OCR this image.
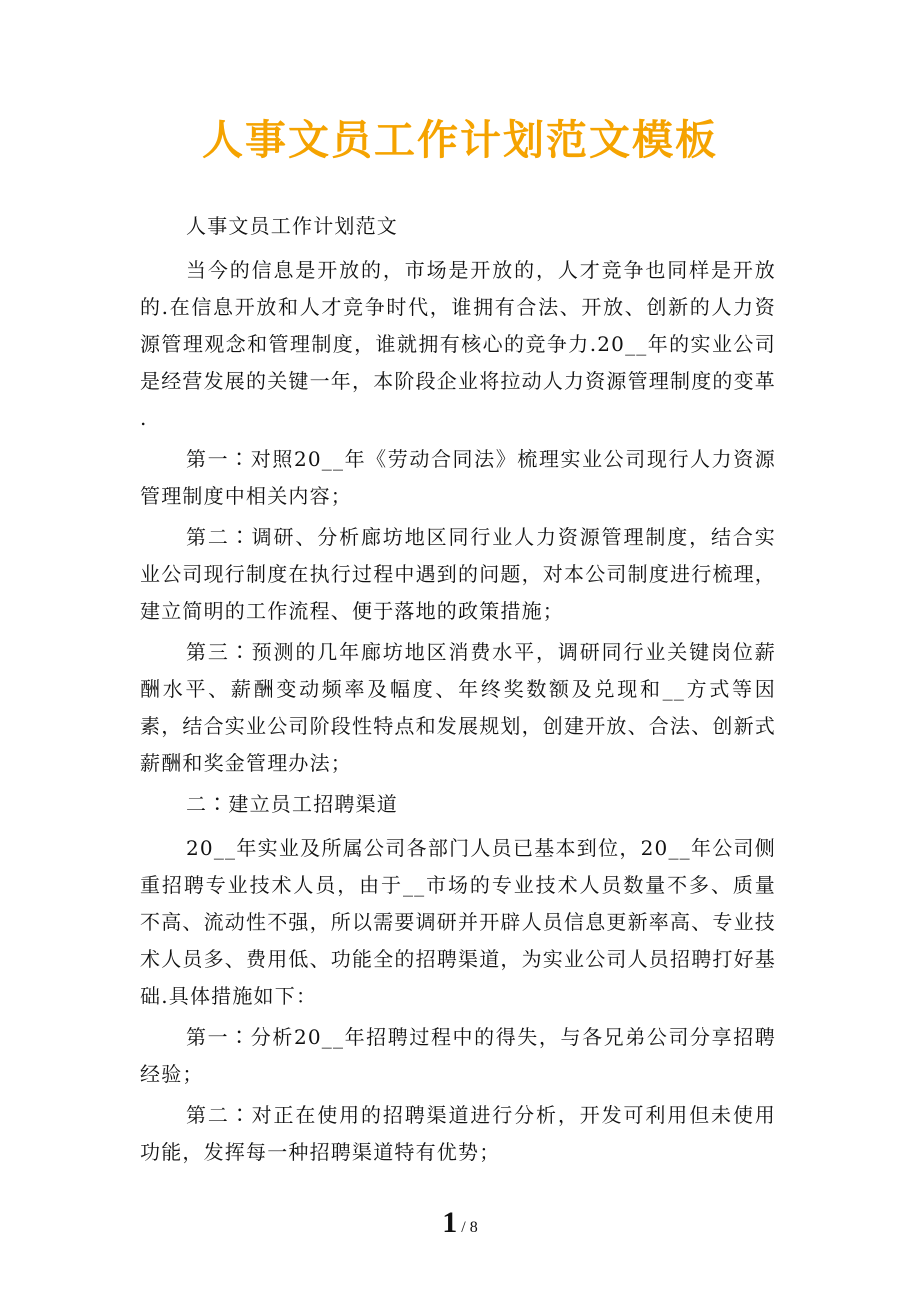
人事文员工作计划范文模板

人事文员工作计划范文

当今的信息是开放的，市场是开放的，人才竞争也同样是开放的.在信息开放和人才竞争时代，谁拥有合法、开放、创新的人力资源管理观念和管理制度，谁就拥有核心的竞争力.20__年的实业公司是经营发展的关键一年，本阶段企业将拉动人力资源管理制度的变革 .

第一∶对照20__年《劳动合同法》梳理实业公司现行人力资源管理制度中相关内容；

第二∶调研、分析廊坊地区同行业人力资源管理制度，结合实业公司现行制度在执行过程中遇到的问题，对本公司制度进行梳理，建立简明的工作流程、便于落地的政策措施；

第三∶预测的几年廊坊地区消费水平，调研同行业关键岗位薪酬水平、薪酬变动频率及幅度、年终奖数额及兑现和__方式等因素，结合实业公司阶段性特点和发展规划，创建开放、合法、创新式薪酬和奖金管理办法；

二∶建立员工招聘渠道

20__年实业及所属公司各部门人员已基本到位，20__年公司侧重招聘专业技术人员，由于__市场的专业技术人员数量不多、质量不高、流动性不强，所以需要调研并开辟人员信息更新率高、专业技术人员多、费用低、功能全的招聘渠道，为实业公司人员招聘打好基础.具体措施如下：

第一∶分析20__年招聘过程中的得失，与各兄弟公司分享招聘经验；

第二∶对正在使用的招聘渠道进行分析，开发可利用但未使用功能，发挥每一种招聘渠道特有优势；

1 / 8
